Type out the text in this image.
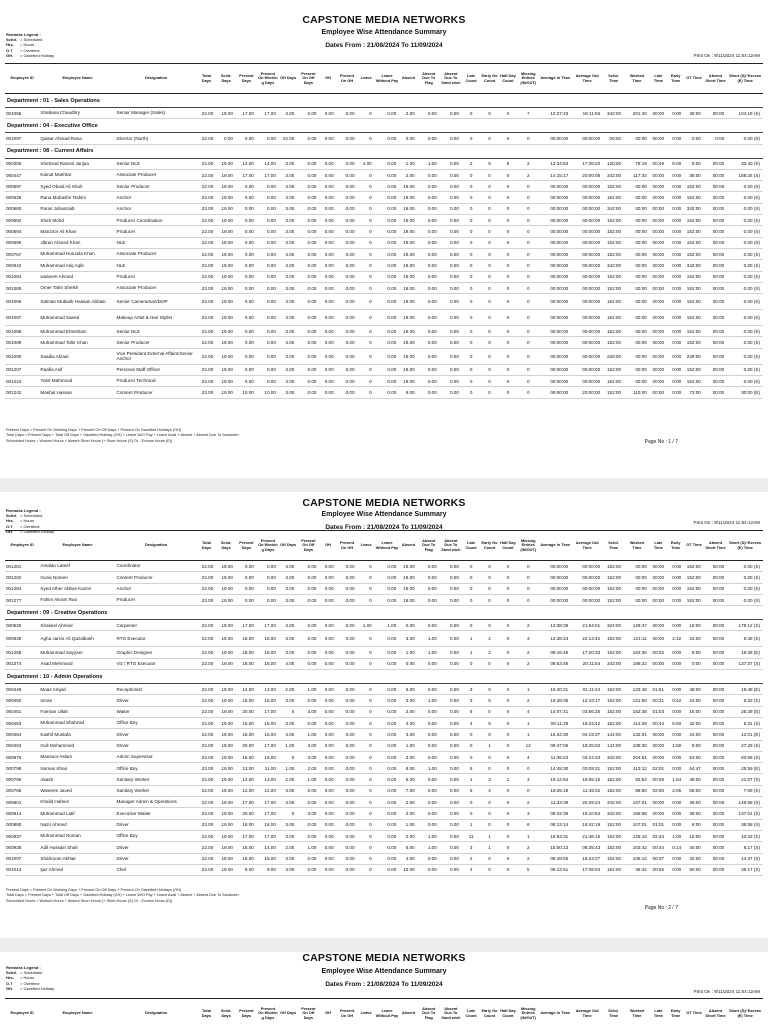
CAPSTONE MEDIA NETWORKS
Employee Wise Attendance Summary
Dates From : 21/08/2024 To 11/09/2024
Remarks Legend :
Schd. = Scheduled
Hrs. = Hours
O.T = Overtime
GH. = Gazetted Holiday	Print On : 9/11/2024 11:54:12AM
Employee ID	Employee Name	Designation	Total Days	Schd. Days	Present Days	Present On Workin g Days	Off Days	Present On Off Days	GH	Present On GH	Leave	Leave Without Pay	Absent	Absent Due To Flag	Absent Due To Sand wich	Late Count	Early Go Count	Half Day Count	Missing Entries (IN/OUT)	Average In Time	Average Out Time	Schd. Time	Worked Time	Late Time	Early Time	OT Time	Absent Short Time	Short (S)/ Excess (E) Time
Department : 01 - Sales Operations																												
001065	Shabana Chaudhry	Senior Manager (Sales)	22.00	19.00	17.00	17.00	3.00	0.00	0.00	0.00	0	0.00	2.00	0.00	0.00	0	0	0	7	12:27:43	18:11:55	342:00	201:40	00:00	0:00	36:00	00:00	104:19 (S)
Department : 04 - Executive Office																												
001097	Qaisar Ahmad Rana	Director (North)	22.00	0.00	0.00	0.00	22.00	0.00	0.00	0.00	0	0.00	0.00	0.00	0.00	0	0	0	0	00:00:00	00:00:00	00:00	00:00	00:00	0:00	0:00	0:00	0.00 (S)
Department : 08 - Current Affairs																												
000305	Shehzad Rasool Janjua	Senior NLE	22.00	19.00	14.00	14.00	3.00	0.00	0.00	0.00	4.00	0.00	1.00	1.00	0.00	2	5	5	2	13:34:53	17:38:20	120:00	78:19	00:49	5:00	8:00	00:00	33:40 (S)
000447	Kainat Mukhtar	Associate Producer	22.00	19.00	17.00	17.00	3.00	0.00	0.00	0.00	0	0.00	2.00	0.00	0.00	0	0	0	2	14:15:17	20:00:06	342:00	117:34	00:00	0:00	36:00	00:00	188:25 (S)
000597	Syed Obaid Ali Shah	Senior Producer	22.00	19.00	0.00	0.00	3.00	0.00	0.00	0.00	0	0.00	19.00	0.00	0.00	0	0	0	0	00:00:00	00:00:00	152:00	00:00	00:00	0:00	152:00	00:00	0.00 (S)
000626	Rana Mubashir Rahim	Anchor	22.00	19.00	0.00	0.00	3.00	0.00	0.00	0.00	0	0.00	19.00	0.00	0.00	0	0	0	0	00:00:00	00:00:00	152:00	00:00	00:00	0:00	152:00	00:00	0.00 (S)
000660	Paras Jahanzaib	Anchor	22.00	19.00	0.00	0.00	3.00	0.00	0.00	0.00	0	0.00	19.00	0.00	0.00	0	0	0	0	00:00:00	00:00:00	342:00	00:00	00:00	0:00	342:00	00:00	0.00 (S)
000692	Sheh Mohd	Producer Coordination	22.00	19.00	0.00	0.00	3.00	0.00	0.00	0.00	0	0.00	19.00	0.00	0.00	0	0	0	0	00:00:00	00:00:00	152:00	00:00	00:00	0:00	152:00	00:00	0.00 (S)
000694	Manzoor Ali Khan	Producer	22.00	19.00	0.00	0.00	3.00	0.00	0.00	0.00	0	0.00	19.00	0.00	0.00	0	0	0	0	00:00:00	00:00:00	152:00	00:00	00:00	0:00	152:00	00:00	0.00 (S)
000695	Jibran Ahmed Khan	NLE	22.00	19.00	0.00	0.00	3.00	0.00	0.00	0.00	0	0.00	19.00	0.00	0.00	0	0	0	0	00:00:00	00:00:00	152:00	00:00	00:00	0:00	152:00	00:00	0.00 (S)
000767	Muhammad Hunzala Khan	Associate Producer	22.00	19.00	0.00	0.00	3.00	0.00	0.00	0.00	0	0.00	19.00	0.00	0.00	0	0	0	0	00:00:00	00:00:00	152:00	00:00	00:00	0:00	152:00	00:00	0.00 (S)
000942	Muhammad Atiq Aqib	NLE	22.00	19.00	0.00	0.00	3.00	0.00	0.00	0.00	0	0.00	19.00	0.00	0.00	0	0	0	0	00:00:00	00:00:00	342:00	00:00	00:00	0:00	342:00	00:00	0.00 (S)
001084	waseem Ahmed	Producer	22.00	19.00	0.00	0.00	3.00	0.00	0.00	0.00	0	0.00	19.00	0.00	0.00	0	0	0	0	00:00:00	00:00:00	152:00	00:00	00:00	0:00	152:00	00:00	0.00 (S)
001085	Omer Tahir Sheikh	Associate Producer	22.00	19.00	0.00	0.00	3.00	0.00	0.00	0.00	0	0.00	19.00	0.00	0.00	0	0	0	0	00:00:00	00:00:00	152:00	00:00	00:00	0:00	152:00	00:00	0.00 (S)
001086	Salman Mubarik Hassan Abbasi	Senior Cameraman/DOP	22.00	19.00	0.00	0.00	3.00	0.00	0.00	0.00	0	0.00	19.00	0.00	0.00	0	0	0	0	00:00:00	00:00:00	152:00	00:00	00:00	0:00	152:00	00:00	0.00 (S)
001087	Muhammad Saeed	Makeup Artist & Hair Stylist	22.00	19.00	0.00	0.00	3.00	0.00	0.00	0.00	0	0.00	19.00	0.00	0.00	0	0	0	0	00:00:00	00:00:00	152:00	00:00	00:00	0:00	152:00	00:00	0.00 (S)
001088	Muhammad Ehtesham	Senior NLE	22.00	19.00	0.00	0.00	3.00	0.00	0.00	0.00	0	0.00	19.00	0.00	0.00	0	0	0	0	00:00:00	00:00:00	152:00	00:00	00:00	0:00	152:00	00:00	0.00 (S)
001089	Muhammad Tahir Khan	Senior Producer	22.00	19.00	0.00	0.00	3.00	0.00	0.00	0.00	0	0.00	19.00	0.00	0.00	0	0	0	0	00:00:00	00:00:00	152:00	00:00	00:00	0:00	152:00	00:00	0.00 (S)
001090	Saadia Afzaal	Vice President External Affairs/Senior Anchor	22.00	19.00	0.00	0.00	3.00	0.00	0.00	0.00	0	0.00	19.00	0.00	0.00	0	0	0	0	00:00:00	00:00:00	228:00	00:00	00:00	0:00	228:00	00:00	0.00 (S)
001207	Raafia Asif	Personal Staff Officer	22.00	19.00	0.00	0.00	3.00	0.00	0.00	0.00	0	0.00	19.00	0.00	0.00	0	0	0	0	00:00:00	00:00:00	152:00	00:00	00:00	0:00	152:00	00:00	0.00 (S)
001224	Yasir Mahmood	Producer Technical	22.00	19.00	0.00	0.00	3.00	0.00	0.00	0.00	0	0.00	19.00	0.00	0.00	0	0	0	0	00:00:00	00:00:00	152:00	00:00	00:00	0:00	152:00	00:00	0.00 (S)
001242	Mashal Hassan	Content Producer	22.00	19.00	10.00	10.00	3.00	0.00	0.00	0.00	0	0.00	9.00	0.00	0.00	0	0	0	0	09:00:00	20:00:00	152:00	110:00	00:00	0:00	72:00	00:00	30:00 (E)
Present Days = Present On Working Days + Present On Off Days + Present On Gazetted Holidays (GH)
Total Days = Present Days + Total Off Days + Gazetted Holiday (GH) + Leave W/O Pay + Leave Avail + Absent + Absent Due To Sandwich
Scheduled Hours = Worked Hours + Absent Short Hours (+ Short Hours (S) Or - Excess Hours (E))	Page No : 1 / 7
CAPSTONE MEDIA NETWORKS
Employee Wise Attendance Summary
Dates From : 21/08/2024 To 11/09/2024
Remarks Legend :
Schd. = Scheduled
Hrs. = Hours
O.T = Overtime
GH. = Gazetted Holiday
Print On : 9/11/2024 11:54:12AM
Employee ID	Employee Name	Designation	Total Days	Schd. Days	Present Days	Present On Workin g Days	Off Days	Present On Off Days	GH	Present On GH	Leave	Leave Without Pay	Absent	Absent Due To Flag	Absent Due To Sand wich	Late Count	Early Go Count	Half Day Count	Missing Entries (IN/OUT)	Average In Time	Average Out Time	Schd. Time	Worked Time	Late Time	Early Time	OT Time	Absent Short Time	Short (S)/ Excess (E) Time
001281	Arsalan Lateef	Coordinator	22.00	19.00	0.00	0.00	3.00	0.00	0.00	0.00	0	0.00	19.00	0.00	0.00	0	0	0	0	00:00:00	00:00:00	152:00	00:00	00:00	0:00	152:00	00:00	0.00 (S)
001282	Guria Noreen	Content Producer	22.00	19.00	0.00	0.00	3.00	0.00	0.00	0.00	0	0.00	19.00	0.00	0.00	0	0	0	0	00:00:00	00:00:00	152:00	00:00	00:00	0:00	152:00	00:00	0.00 (S)
001284	Syed Ather Abbas Kazmi	Anchor	22.00	19.00	0.00	0.00	3.00	0.00	0.00	0.00	0	0.00	19.00	0.00	0.00	0	0	0	0	00:00:00	00:00:00	152:00	00:00	00:00	0:00	152:00	00:00	0.00 (S)
001277	Fahim Akram Rao	Producer	22.00	19.00	0.00	0.00	3.00	0.00	0.00	0.00	0	0.00	19.00	0.00	0.00	0	0	0	0	00:00:00	00:00:00	152:00	00:00	00:00	0:00	152:00	00:00	0.00 (S)
Department : 09 - Creative Operations																												
000526	Shakeel Ahmed	Carpenter	22.00	19.00	17.00	17.00	3.00	0.00	0.00	0.00	1.00	1.00	0.00	0.00	0.00	0	0	0	2	13:38:39	21:54:01	324:00	128:47	00:00	0:00	16:00	00:00	179:12 (S)
000838	Agha Jarrar Ali Qazalbash	RTG Executor	22.00	19.00	16.00	16.00	3.00	0.00	0.00	0.00	0	0.00	3.00	1.00	0.00	1	2	0	3	13:38:24	22:13:42	152:00	121:11	00:00	2:42	24:00	00:00	6:48 (S)
001258	Muhammad Sayyam	Graphic Designer	22.00	19.00	18.00	18.00	3.00	0.00	0.00	0.00	0	0.00	1.00	1.00	0.00	1	2	0	2	09:16:48	17:20:33	152:00	162:36	00:02	0:00	8:00	00:00	18:36 (E)
001374	Asad Mehmood	Viz / RTG Executor	22.00	19.00	18.00	18.00	4.00	0.00	0.00	0.00	0	0.00	0.00	0.00	0.00	0	0	0	2	09:53:48	20:11:54	342:00	188:22	00:00	0:00	0:00	00:00	137:37 (S)
Department : 10 - Admin Operations																												
000449	Moaz Amjad	Receptionist	22.00	19.00	14.00	13.00	2.00	1.00	0.00	0.00	0	0.00	6.00	0.00	0.00	3	0	0	1	15:40:21	01:11:24	152:00	123:48	01:51	0:00	48:00	00:00	19:48 (E)
000450	Imran	Driver	22.00	19.00	16.00	16.00	3.00	0.00	0.00	0.00	0	0.00	3.00	1.00	0.00	3	5	0	2	16:28:35	12:43:17	152:00	121:50	00:31	0:42	24:00	00:00	6:33 (S)
000451	Farman Ullah	Waiter	22.00	19.00	20.00	17.00	0	3.00	0.00	0.00	0	0.00	2.00	0.00	0.00	8	0	0	4	14:07:41	03:56:25	152:00	162:38	01:03	0:00	16:00	00:00	26:38 (E)
000453	Muhammad Shahzad	Office Boy	22.00	19.00	15.00	15.00	3.00	0.00	0.00	0.00	0	0.00	4.00	0.00	0.00	4	5	0	1	08:11:29	16:22:42	152:00	114:28	00:43	5:50	32:00	00:00	5:31 (S)
000454	Kashif Mustafa	Driver	22.00	19.00	16.00	15.00	3.00	1.00	0.00	0.00	0	0.00	3.00	0.00	0.00	0	0	0	1	15:34:30	04:19:37	144:00	132:01	00:00	0:00	24:00	00:00	12:01 (E)
000463	Gull Mohammed	Driver	22.00	18.00	20.00	17.00	1.00	3.00	0.00	0.00	0	0.00	1.00	0.00	0.00	0	1	0	12	08:47:06	18:25:02	144:00	108:30	00:00	1:59	8:00	00:00	27:29 (S)
000875	Mansoor Aslam	Admin Supervisor	22.00	19.00	16.00	16.00	0	3.00	0.00	0.00	0	0.00	3.00	0.00	0.00	0	0	0	4	11:36:23	03:24:33	342:00	204:51	00:00	0:00	54:00	00:00	83:08 (S)
000798	Noman Khan	Office Boy	22.00	19.00	13.00	11.00	1.00	2.00	0.00	0.00	0	0.00	8.00	1.00	0.00	5	0	0	0	14:45:30	03:09:31	152:00	113:12	02:01	0:00	64:47	00:00	25:59 (E)
000796	Akash	Sanitary Worker	22.00	19.00	14.00	13.00	2.00	1.00	0.00	0.00	0	0.00	6.00	0.00	0.00	1	3	1	3	16:12:54	15:05:15	152:00	82:52	00:05	1:54	48:00	00:00	21:07 (S)
000766	Waseem Javed	Sanitary Worker	22.00	19.00	12.00	12.00	3.00	0.00	0.00	0.00	0	0.00	7.00	0.00	0.00	5	4	0	0	16:25:18	11:49:32	152:00	88:50	02:00	2:06	56:00	00:00	7:09 (S)
000801	Khalid Hafeez	Manager Admin & Operations	22.00	19.00	17.00	17.00	3.00	0.00	0.00	0.00	0	0.00	2.00	0.00	0.00	0	0	0	2	11:33:39	20:29:24	342:00	157:01	00:00	0:00	36:00	00:00	148:58 (S)
000814	Muhammad Latif	Executive Waiter	22.00	19.00	20.00	17.00	0	3.00	0.00	0.00	0	0.00	2.00	0.00	0.00	0	0	0	3	08:42:39	16:10:54	342:00	168:58	00:00	0:00	36:00	00:00	137:01 (S)
000880	Nazir Ahmed	Driver	22.00	19.00	18.00	18.00	3.00	0.00	0.00	0.00	0	0.00	1.00	0.00	0.00	1	0	0	6	08:13:14	16:42:19	152:00	107:01	01:01	0:00	8:00	00:00	36:58 (S)
000937	Muhammad Noman	Office Boy	22.00	19.00	17.00	17.00	3.00	0.00	0.00	0.00	0	0.00	2.00	1.00	0.00	11	1	0	1	15:53:31	21:46:16	152:00	125:16	02:34	1:00	16:00	00:00	10:43 (S)
000938	Adil Hussain Shah	Driver	22.00	19.00	15.00	14.00	2.00	1.00	0.00	0.00	0	0.00	5.00	1.00	0.00	3	1	0	2	15:00:13	05:35:43	152:00	103:42	00:44	0:14	40:00	00:00	8:17 (S)
001007	Shahroom Akhtar	Driver	22.00	19.00	15.00	15.00	3.00	0.00	0.00	0.00	0	0.00	4.00	0.00	0.00	2	0	0	2	06:48:55	16:23:27	152:00	105:12	00:37	0:00	32:00	00:00	14:47 (S)
001013	Ijaz Ahmed	Chef	22.00	19.00	9.00	9.00	3.00	0.00	0.00	0.00	0	0.00	10.00	0.00	0.00	4	0	0	5	06:12:51	17:08:04	152:00	36:42	00:55	0:00	80:00	00:00	35:17 (S)
Present Days = Present On Working Days + Present On Off Days + Present On Gazetted Holidays (GH)
Total Days = Present Days + Total Off Days + Gazetted Holiday (GH) + Leave W/O Pay + Leave Avail + Absent + Absent Due To Sandwich
Scheduled Hours = Worked Hours + Absent Short Hours (+ Short Hours (S) Or - Excess Hours (E))
Page No : 2 / 7
CAPSTONE MEDIA NETWORKS
Employee Wise Attendance Summary
Dates From : 21/08/2024 To 11/09/2024
Remarks Legend :
Schd. = Scheduled
Hrs. = Hours
O.T = Overtime
GH. = Gazetted Holiday
Print On : 9/11/2024 11:54:12AM
Employee ID	Employee Name	Designation	Total Days	Schd. Days	Present Days	Present On Workin g Days	Off Days	Present On Off Days	GH	Present On GH	Leave	Leave Without Pay	Absent	Absent Due To Flag	Absent Due To Sand wich	Late Count	Early Go Count	Half Day Count	Missing Entries (IN/OUT)	Average In Time	Average Out Time	Schd. Time	Worked Time	Late Time	Early Time	OT Time	Absent Short Time	Short (S)/ Excess (E) Time
